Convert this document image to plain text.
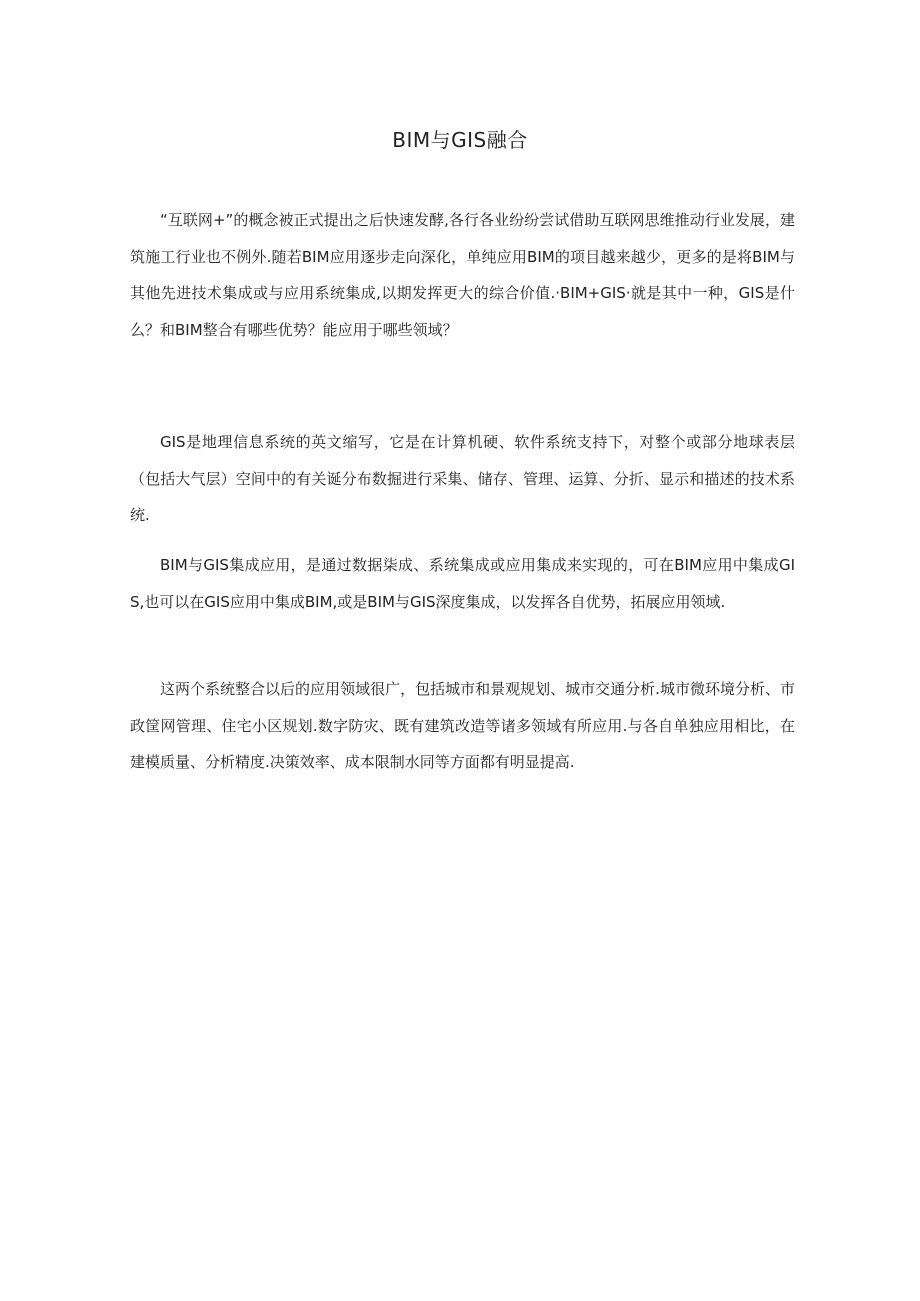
BIM与GIS融合

“互联网+”的概念被正式提出之后快速发酵,各行各业纷纷尝试借助互联网思维推动行业发展，建筑施工行业也不例外.随若BIM应用逐步走向深化，单纯应用BIM的项目越来越少，更多的是将BIM与其他先进技术集成或与应用系统集成,以期发挥更大的综合价值.·BIM+GIS·就是其中一种，GIS是什么？和BIM整合有哪些优势？能应用于哪些领域？

GIS是地理信息系统的英文缩写，它是在计算机硬、软件系统支持下，对整个或部分地球表层（包括大气层）空间中的有关诞分布数掘进行采集、储存、管理、运算、分折、显示和描述的技术系统.

BIM与GIS集成应用，是通过数据柒成、系统集成或应用集成来实现的，可在BIM应用中集成GIS,也可以在GIS应用中集成BIM,或是BIM与GIS深度集成，以发挥各自优势，拓展应用领域.

这两个系统整合以后的应用领域很广，包括城市和景观规划、城市交通分析.城市微环境分析、市政筐网管理、住宅小区规划.数字防灾、既有建筑改造等诸多领域有所应用.与各自单独应用相比，在建模质量、分析精度.决策效率、成本限制水同等方面都有明显提高.
